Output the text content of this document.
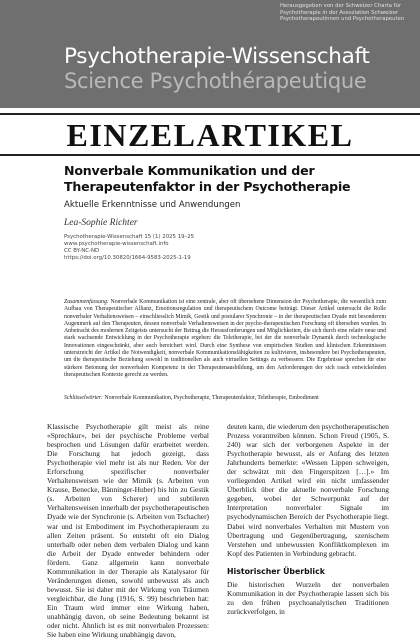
Herausgegeben von der Schweizer Charta für Psychotherapie in der Assoziation Schweizer Psychotherapeutinnen und Psychotherapeuten
Psychotherapie-Wissenschaft
Science Psychothérapeutique
EINZELARTIKEL
Nonverbale Kommunikation und der Therapeutenfaktor in der Psychotherapie
Aktuelle Erkenntnisse und Anwendungen
Lea-Sophie Richter
Psychotherapie-Wissenschaft 15 (1) 2025 19–25
www.psychotherapie-wissenschaft.info
CC BY-NC-ND
https://doi.org/10.30820/1664-9583-2025-1-19
Zusammenfassung: Nonverbale Kommunikation ist eine zentrale, aber oft übersehene Dimension der Psychotherapie, die wesentlich zum Aufbau von Therapeutischer Allianz, Emotionsregulation und therapeutischem Outcome beiträgt. Dieser Artikel untersucht die Rolle nonverbaler Verhaltensweisen – einschliesslich Mimik, Gestik und postularer Synchronie – in der therapeutischen Dyade mit besonderem Augenmerk auf den Therapeuten, dessen nonverbale Verhaltensweisen in der psycho-therapeutischen Forschung oft übersehen wurden. In Anbetracht des modernen Zeitgeists untersucht der Beitrag die Herausforderungen und Möglichkeiten, die sich durch eine relativ neue und stark wachsende Entwicklung in der Psychotherapie ergeben: die Teletherapie, bei der die nonverbale Dynamik durch technologische Innovationen eingeschränkt, aber auch bereichert wird. Durch eine Synthese von empirischen Studien und klinischen Erkenntnissen unterstreicht der Artikel die Notwendigkeit, nonverbale Kommunikationsfähigkeiten zu kultivieren, insbesondere bei Psychotherapeuten, um die therapeutische Beziehung sowohl in traditionellen als auch virtuellen Settings zu verbessern. Die Ergebnisse sprechen für eine stärkere Betonung der nonverbalen Kompetenz in der Therapeutenausbildung, um den Anforderungen der sich rasch entwickelnden therapeutischen Kontexte gerecht zu werden.
Schlüsselwörter: Nonverbale Kommunikation, Psychotherapie, Therapeutenfaktor, Teletherapie, Embodiment
Klassische Psychotherapie gilt meist als reine «Sprechkur», bei der psychische Probleme verbal besprochen und Lösungen dafür erarbeitet werden. Die Forschung hat jedoch gezeigt, dass Psychotherapie viel mehr ist als nur Reden. Vor der Erforschung spezifischer nonverbaler Verhaltensweisen wie der Mimik (s. Arbeiten von Krause, Benecke, Bänninger-Huber) bis hin zu Gestik (s. Arbeiten von Scherer) und subtileren Verhaltensweisen innerhalb der psychotherapeutischen Dyade wie der Synchronie (s. Arbeiten von Tschacher) war und ist Embodiment im Psychotherapieraum zu allen Zeiten präsent. So entsteht oft ein Dialog unterhalb oder neben dem verbalen Dialog und kann die Arbeit der Dyade entweder behindern oder fördern. Ganz allgemein kann nonverbale Kommunikation in der Therapie als Katalysator für Veränderungen dienen, sowohl unbewusst als auch bewusst. Sie ist daher mit der Wirkung von Träumen vergleichbar, die Jung (1916, S. 99) beschrieben hat: Ein Traum wird immer eine Wirkung haben, unabhängig davon, ob seine Bedeutung bekannt ist oder nicht. Ähnlich ist es mit nonverbalen Prozessen: Sie haben eine Wirkung unabhängig davon,
deuten kann, die wiederum den psychotherapeutischen Prozess vorantreiben können. Schon Freud (1905, S. 240) war sich der verborgenen Aspekte in der Psychotherapie bewusst, als er Anfang des letzten Jahrhunderts bemerkte: «Wessen Lippen schweigen, der schwätzt mit den Fingerspitzen […].» Im vorliegenden Artikel wird ein nicht umfassender Überblick über die aktuelle nonverbale Forschung gegeben, wobei der Schwerpunkt auf der Interpretation nonverbaler Signale im psychodynamischen Bereich der Psychotherapie liegt. Dabei wird nonverbales Verhalten mit Mustern von Übertragung und Gegenübertragung, szenischem Verstehen und unbewussten Konfliktkomplexen im Kopf des Patienten in Verbindung gebracht.
Historischer Überblick
Die historischen Wurzeln der nonverbalen Kommunikation in der Psychotherapie lassen sich bis zu den frühen psychoanalytischen Traditionen zurückverfolgen, in
